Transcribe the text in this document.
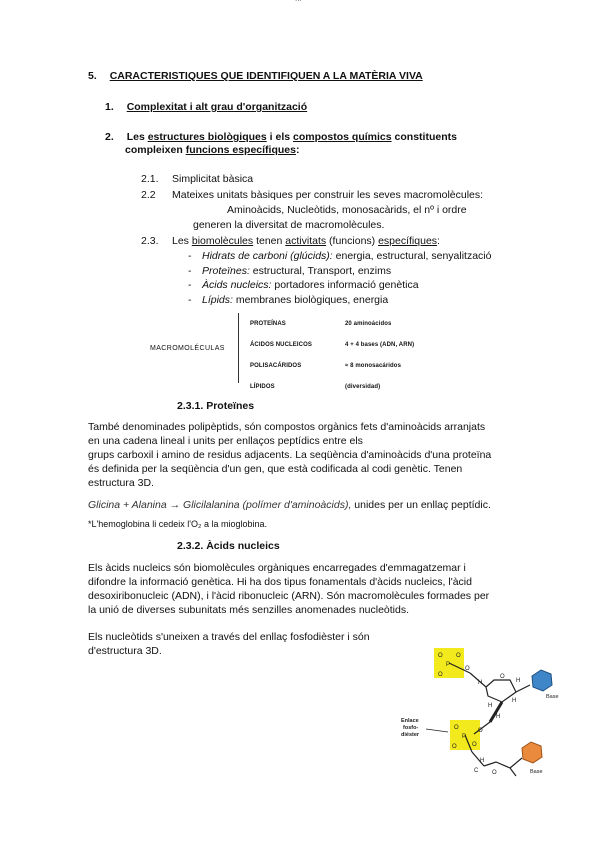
5. CARACTERISTIQUES QUE IDENTIFIQUEN A LA MATÈRIA VIVA
1. Complexitat i alt grau d'organització
2. Les estructures biològiques i els compostos químics constituents
compleixen funcions específiques:
2.1. Simplicitat bàsica
2.2 Mateixes unitats bàsiques per construir les seves macromolècules:
Aminoàcids, Nucleòtids, monosacàrids, el nº i ordre
generen la diversitat de macromolècules.
2.3. Les biomolècules tenen activitats (funcions) específiques:
- Hidrats de carboni (glúcids): energia, estructural, senyalització
- Proteïnes: estructural, Transport, enzims
- Àcids nucleics: portadores informació genètica
- Lípids: membranes biològiques, energia
MACROMOLÉCULAS
PROTEÍNAS	20 aminoácidos
ÁCIDOS NUCLEICOS	4 + 4 bases (ADN, ARN)
POLISACÁRIDOS	≈ 8 monosacáridos
LÍPIDOS	(diversidad)
2.3.1. Proteïnes
També denominades polipèptids, són compostos orgànics fets d'aminoàcids arranjats
en una cadena lineal i units per enllaços peptídics entre els
grups carboxil i amino de residus adjacents. La seqüència d'aminoàcids d'una proteïna
és definida per la seqüència d'un gen, que està codificada al codi genètic. Tenen
estructura 3D.
Glicina + Alanina → Glicilalanina (polímer d'aminoàcids), unides per un enllaç peptídic.
*L'hemoglobina li cedeix l'O₂ a la mioglobina.
2.3.2. Àcids nucleics
Els àcids nucleics són biomolècules orgàniques encarregades d'emmagatzemar i
difondre la informació genètica. Hi ha dos tipus fonamentals d'àcids nucleics, l'àcid
desoxiribonucleic (ADN), i l'àcid ribonucleic (ARN). Són macromolècules formades per
la unió de diverses subunitats més senzilles anomenades nucleòtids.
Els nucleòtids s'uneixen a través del enllaç fosfodièster i són
d'estructura 3D.
P
O O
O
O
O
H
H
H
H
H
O
P
O
O
O
H
C O
Enlace
fosfo-
diéster
Base
Base
